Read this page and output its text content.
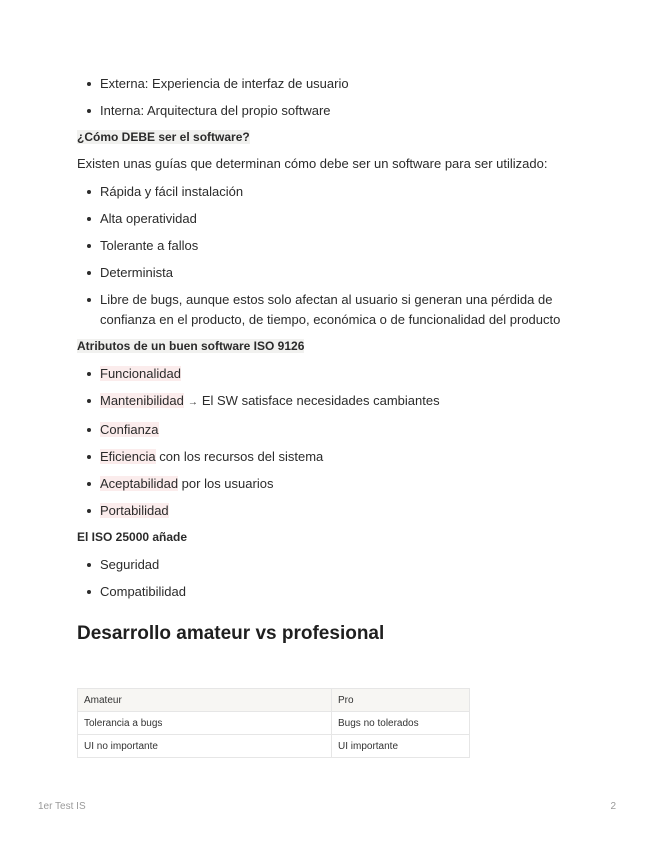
Externa: Experiencia de interfaz de usuario
Interna: Arquitectura del propio software
¿Cómo DEBE ser el software?

Existen unas guías que determinan cómo debe ser un software para ser utilizado:

Rápida y fácil instalación
Alta operatividad
Tolerante a fallos
Determinista
Libre de bugs, aunque estos solo afectan al usuario si generan una pérdida de confianza en el producto, de tiempo, económica o de funcionalidad del producto
Atributos de un buen software ISO 9126
Funcionalidad
Mantenibilidad → El SW satisface necesidades cambiantes
Confianza
Eficiencia con los recursos del sistema
Aceptabilidad por los usuarios
Portabilidad
El ISO 25000 añade
Seguridad
Compatibilidad
Desarrollo amateur vs profesional
Amateur	Pro
Tolerancia a bugs	Bugs no tolerados
UI no importante	UI importante
1er Test IS	2
